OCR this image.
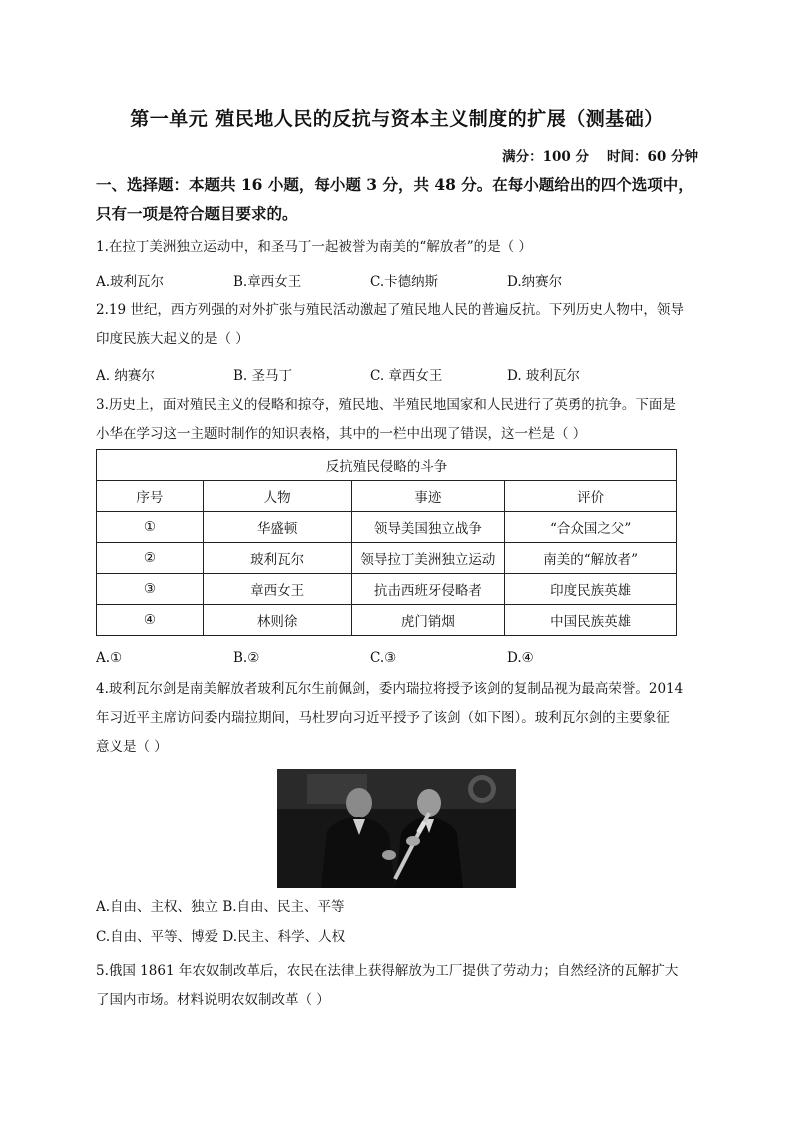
第一单元 殖民地人民的反抗与资本主义制度的扩展（测基础）
满分：100 分 时间：60 分钟
一、选择题：本题共 16 小题，每小题 3 分，共 48 分。在每小题给出的四个选项中，
只有一项是符合题目要求的。
1.在拉丁美洲独立运动中，和圣马丁一起被誉为南美的“解放者”的是（ ）
A.玻利瓦尔	B.章西女王	C.卡德纳斯	D.纳赛尔
2.19 世纪，西方列强的对外扩张与殖民活动激起了殖民地人民的普遍反抗。下列历史人物中，领导
印度民族大起义的是（ ）
A. 纳赛尔	B. 圣马丁	C. 章西女王	D. 玻利瓦尔
3.历史上，面对殖民主义的侵略和掠夺，殖民地、半殖民地国家和人民进行了英勇的抗争。下面是
小华在学习这一主题时制作的知识表格，其中的一栏中出现了错误，这一栏是（ ）
反抗殖民侵略的斗争			
序号	人物	事迹	评价
①	华盛顿	领导美国独立战争	“合众国之父”
②	玻利瓦尔	领导拉丁美洲独立运动	南美的“解放者”
③	章西女王	抗击西班牙侵略者	印度民族英雄
④	林则徐	虎门销烟	中国民族英雄
A.①	B.②	C.③	D.④
4.玻利瓦尔剑是南美解放者玻利瓦尔生前佩剑，委内瑞拉将授予该剑的复制品视为最高荣誉。2014
年习近平主席访问委内瑞拉期间，马杜罗向习近平授予了该剑（如下图）。玻利瓦尔剑的主要象征
意义是（ ）
A.自由、主权、独立 B.自由、民主、平等
C.自由、平等、博爱 D.民主、科学、人权
5.俄国 1861 年农奴制改革后，农民在法律上获得解放为工厂提供了劳动力；自然经济的瓦解扩大
了国内市场。材料说明农奴制改革（ ）
